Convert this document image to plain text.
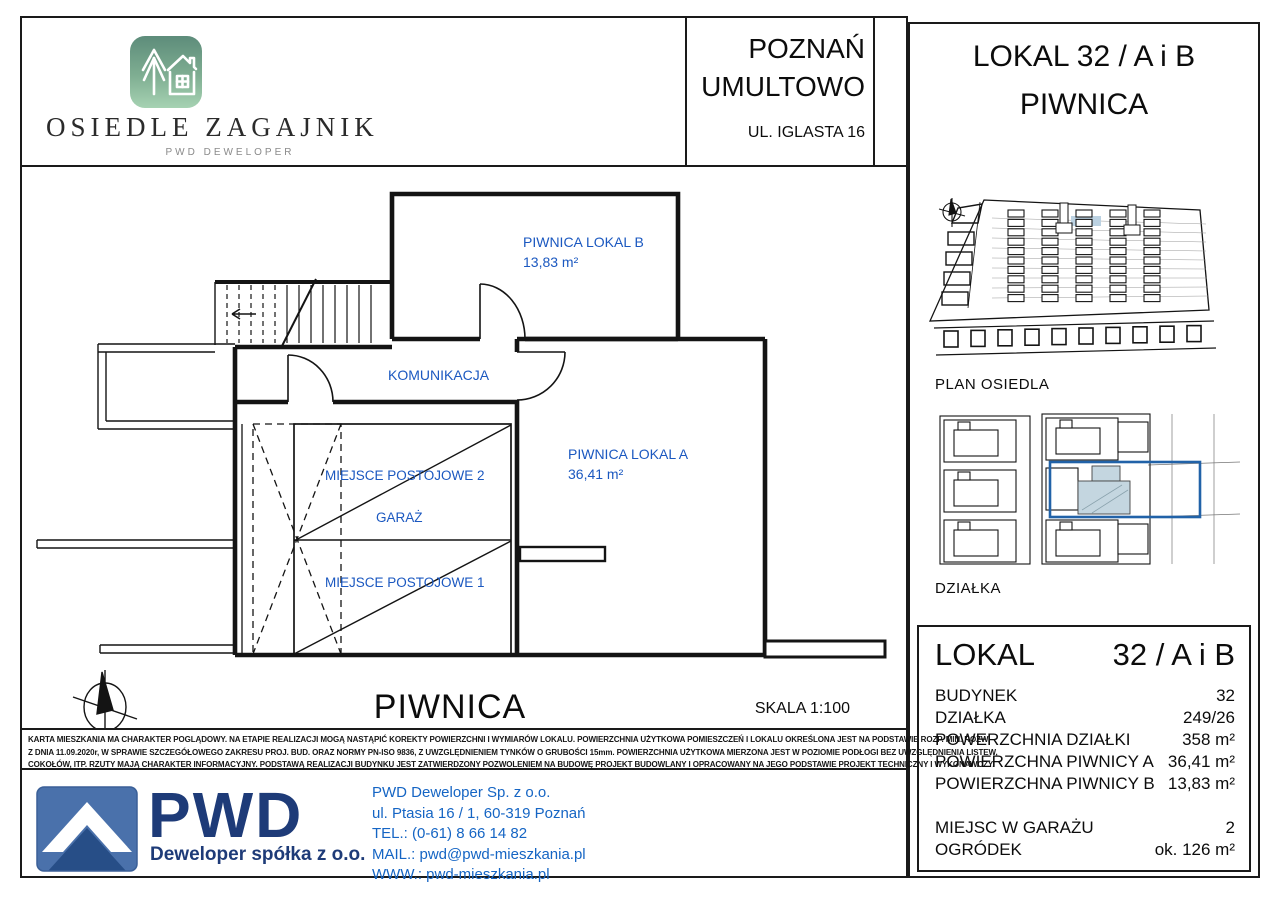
OSIEDLE ZAGAJNIK
PWD DEWELOPER
POZNAŃ
UMULTOWO
UL. IGLASTA 16
LOKAL 32 / A i B
PIWNICA
PIWNICA LOKAL B
13,83 m²
KOMUNIKACJA
MIEJSCE POSTOJOWE 2
GARAŻ
MIEJSCE POSTOJOWE 1
PIWNICA LOKAL A
36,41 m²
PIWNICA	SKALA 1:100
KARTA MIESZKANIA MA CHARAKTER POGLĄDOWY. NA ETAPIE REALIZACJI MOGĄ NASTĄPIĆ KOREKTY POWIERZCHNI I WYMIARÓW LOKALU. POWIERZCHNIA UŻYTKOWA POMIESZCZEŃ I LOKALU OKREŚLONA JEST NA PODSTAWIE ROZP. MIN. ROZW.
Z DNIA 11.09.2020r, W SPRAWIE SZCZEGÓŁOWEGO ZAKRESU PROJ. BUD. ORAZ NORMY PN-ISO 9836, Z UWZGLĘDNIENIEM TYNKÓW O GRUBOŚCI 15mm. POWIERZCHNIA UŻYTKOWA MIERZONA JEST W POZIOMIE PODŁOGI BEZ UWZGLĘDNIENIA LISTEW,
COKOŁÓW, ITP. RZUTY MAJĄ CHARAKTER INFORMACYJNY. PODSTAWĄ REALIZACJI BUDYNKU JEST ZATWIERDZONY POZWOLENIEM NA BUDOWĘ PROJEKT BUDOWLANY I OPRACOWANY NA JEGO PODSTAWIE PROJEKT TECHNICZNY I WYKONAWCZY.
PWD
Deweloper spółka z o.o.
PWD Deweloper Sp. z o.o.
ul. Ptasia 16 / 1, 60-319 Poznań
TEL.: (0-61) 8 66 14 82
MAIL.: pwd@pwd-mieszkania.pl
WWW.: pwd-mieszkania.pl
PLAN OSIEDLA
DZIAŁKA
LOKAL	32 / A i B
BUDYNEK	32
DZIAŁKA	249/26
POWERZCHNIA DZIAŁKI	358 m²
POWIERZCHNA PIWNICY A 36,41 m²
POWIERZCHNA PIWNICY B 13,83 m²
MIEJSC W GARAŻU	2
OGRÓDEK	ok. 126 m²
